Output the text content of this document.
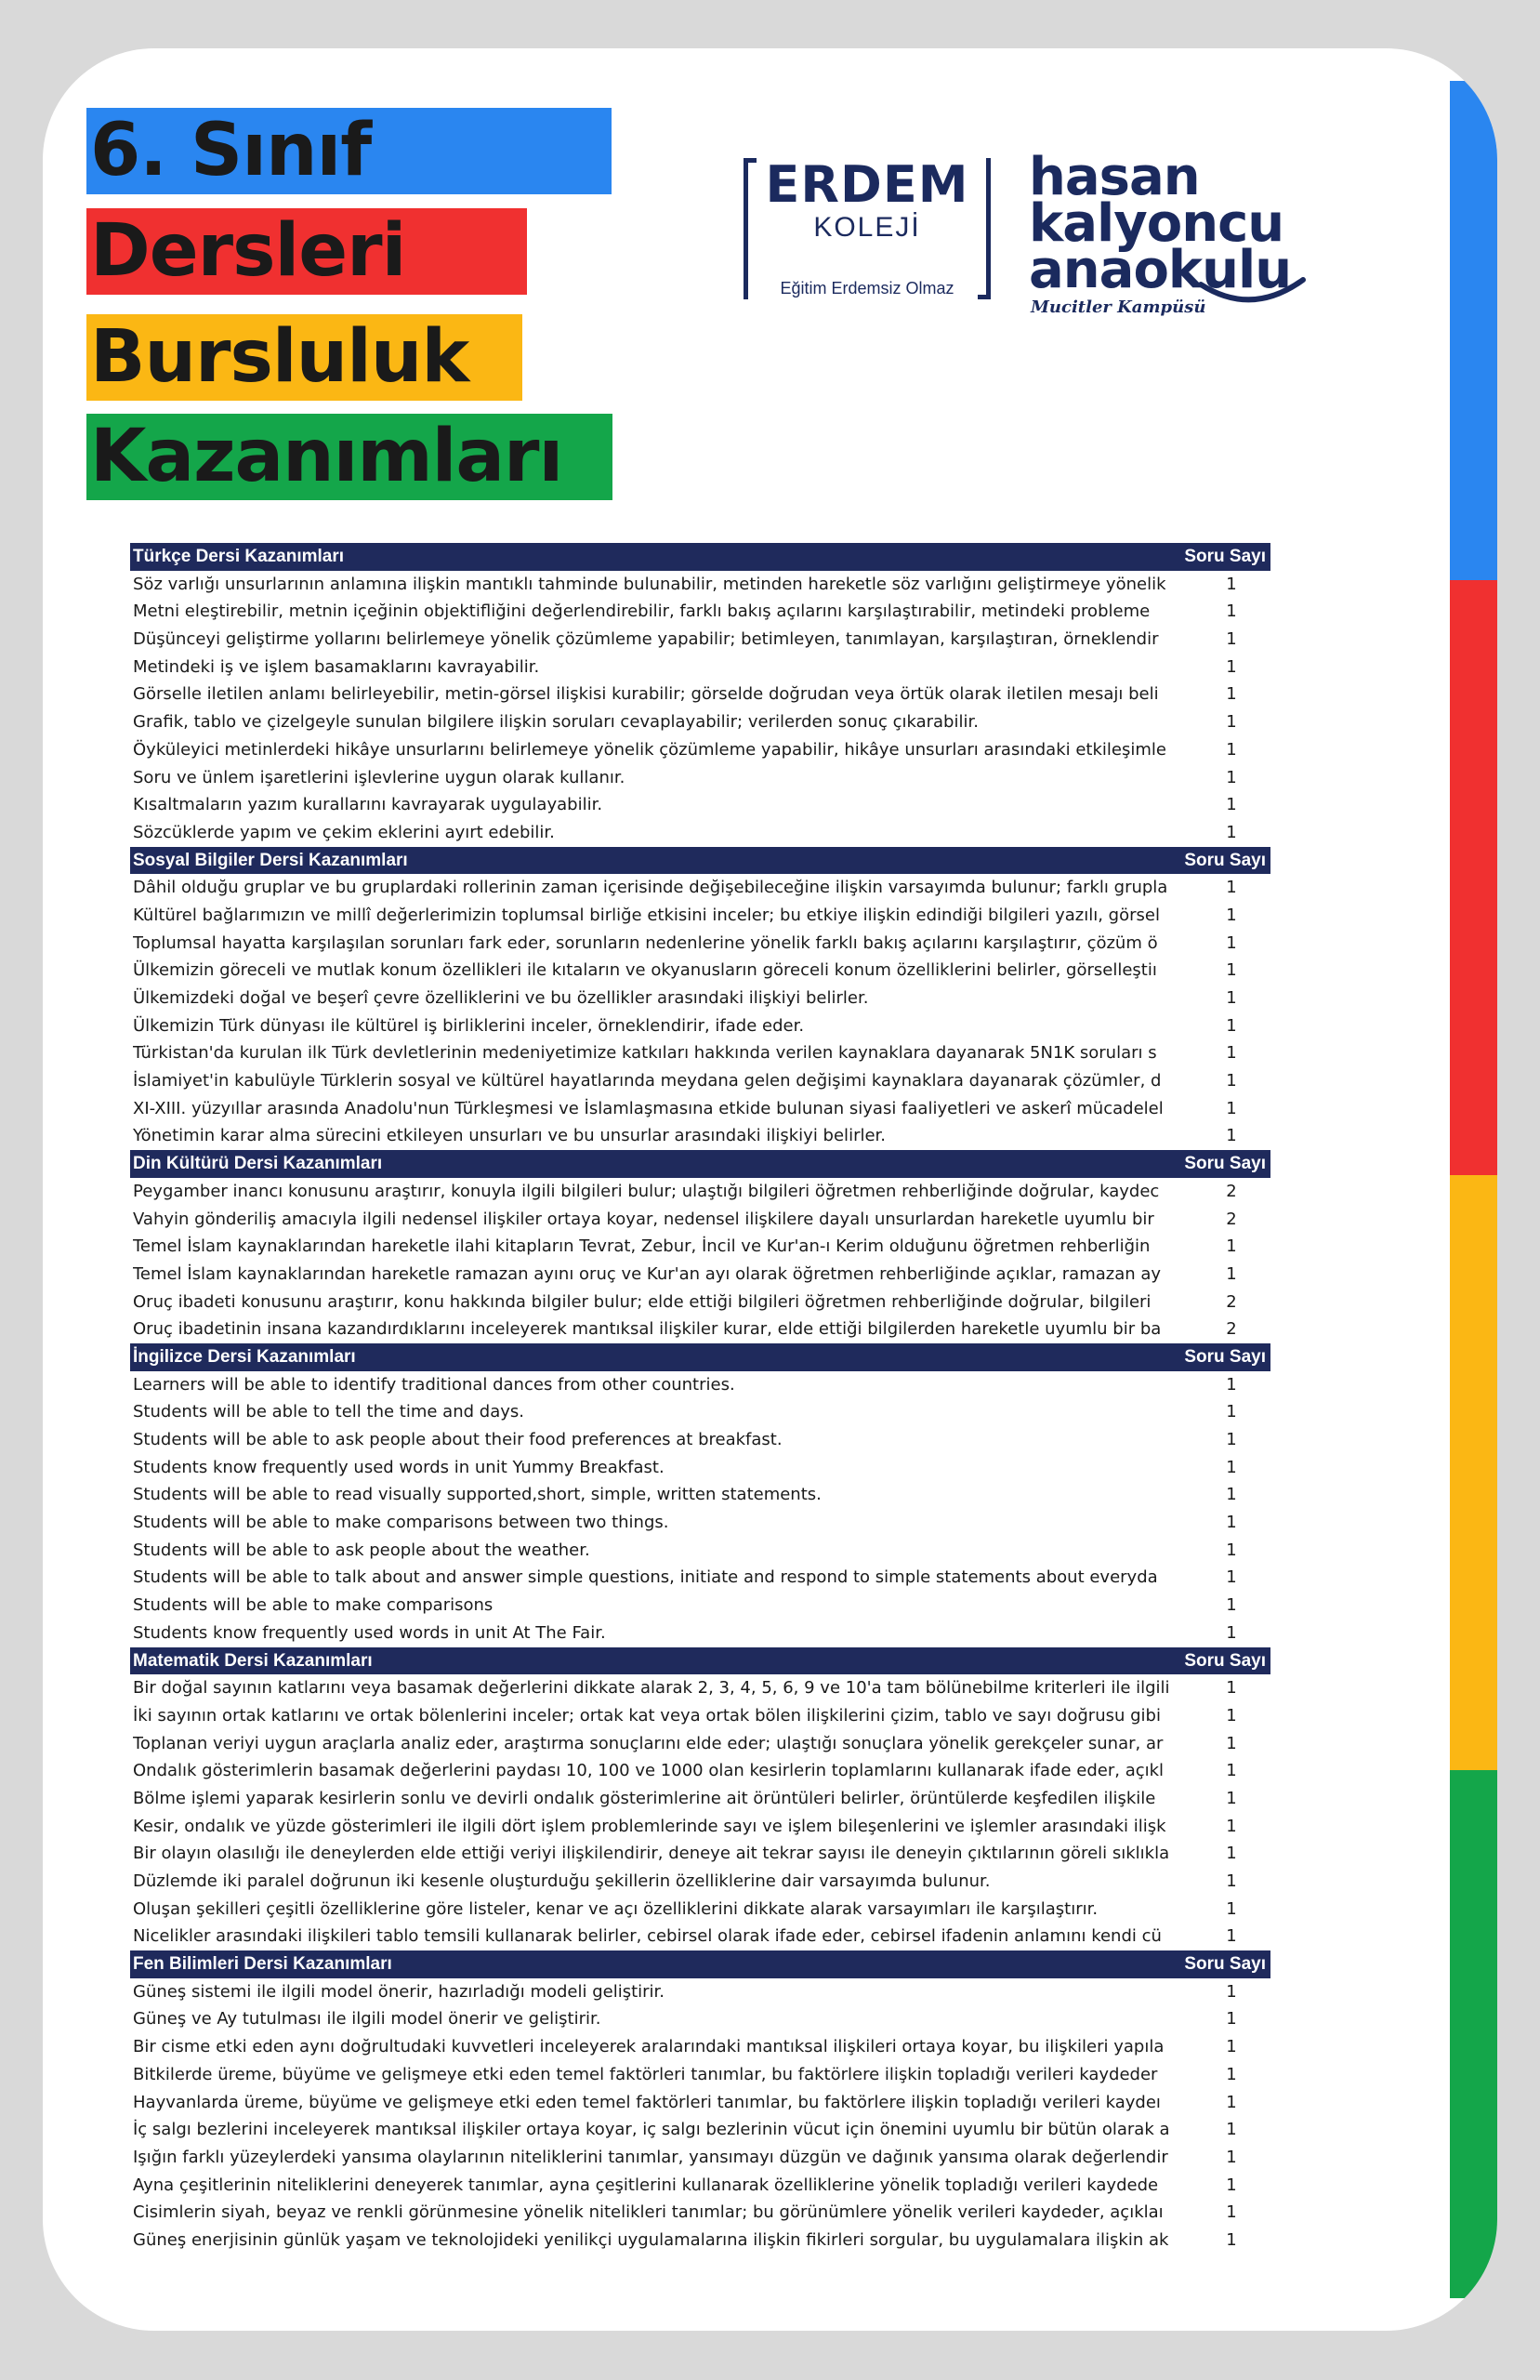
6. Sınıf
Dersleri
Bursluluk
Kazanımları
ERDEM
KOLEJİ
Eğitim Erdemsiz Olmaz
hasan
kalyoncu
anaokulu
Mucitler Kampüsü
Türkçe Dersi Kazanımları	Soru Sayı
Söz varlığı unsurlarının anlamına ilişkin mantıklı tahminde bulunabilir, metinden hareketle söz varlığını geliştirmeye yönelik	1
Metni eleştirebilir, metnin içeğinin objektifliğini değerlendirebilir, farklı bakış açılarını karşılaştırabilir, metindeki probleme	1
Düşünceyi geliştirme yollarını belirlemeye yönelik çözümleme yapabilir; betimleyen, tanımlayan, karşılaştıran, örneklendir	1
Metindeki iş ve işlem basamaklarını kavrayabilir.	1
Görselle iletilen anlamı belirleyebilir, metin-görsel ilişkisi kurabilir; görselde doğrudan veya örtük olarak iletilen mesajı beli	1
Grafik, tablo ve çizelgeyle sunulan bilgilere ilişkin soruları cevaplayabilir; verilerden sonuç çıkarabilir.	1
Öyküleyici metinlerdeki hikâye unsurlarını belirlemeye yönelik çözümleme yapabilir, hikâye unsurları arasındaki etkileşimle	1
Soru ve ünlem işaretlerini işlevlerine uygun olarak kullanır.	1
Kısaltmaların yazım kurallarını kavrayarak uygulayabilir.	1
Sözcüklerde yapım ve çekim eklerini ayırt edebilir.	1
Sosyal Bilgiler Dersi Kazanımları	Soru Sayı
Dâhil olduğu gruplar ve bu gruplardaki rollerinin zaman içerisinde değişebileceğine ilişkin varsayımda bulunur; farklı grupla	1
Kültürel bağlarımızın ve millî değerlerimizin toplumsal birliğe etkisini inceler; bu etkiye ilişkin edindiği bilgileri yazılı, görsel	1
Toplumsal hayatta karşılaşılan sorunları fark eder, sorunların nedenlerine yönelik farklı bakış açılarını karşılaştırır, çözüm ö	1
Ülkemizin göreceli ve mutlak konum özellikleri ile kıtaların ve okyanusların göreceli konum özelliklerini belirler, görselleştiı	1
Ülkemizdeki doğal ve beşerî çevre özelliklerini ve bu özellikler arasındaki ilişkiyi belirler.	1
Ülkemizin Türk dünyası ile kültürel iş birliklerini inceler, örneklendirir, ifade eder.	1
Türkistan'da kurulan ilk Türk devletlerinin medeniyetimize katkıları hakkında verilen kaynaklara dayanarak 5N1K soruları s	1
İslamiyet'in kabulüyle Türklerin sosyal ve kültürel hayatlarında meydana gelen değişimi kaynaklara dayanarak çözümler, d	1
XI-XIII. yüzyıllar arasında Anadolu'nun Türkleşmesi ve İslamlaşmasına etkide bulunan siyasi faaliyetleri ve askerî mücadelel	1
Yönetimin karar alma sürecini etkileyen unsurları ve bu unsurlar arasındaki ilişkiyi belirler.	1
Din Kültürü Dersi Kazanımları	Soru Sayı
Peygamber inancı konusunu araştırır, konuyla ilgili bilgileri bulur; ulaştığı bilgileri öğretmen rehberliğinde doğrular, kaydec	2
Vahyin gönderiliş amacıyla ilgili nedensel ilişkiler ortaya koyar, nedensel ilişkilere dayalı unsurlardan hareketle uyumlu bir	2
Temel İslam kaynaklarından hareketle ilahi kitapların Tevrat, Zebur, İncil ve Kur'an-ı Kerim olduğunu öğretmen rehberliğin	1
Temel İslam kaynaklarından hareketle ramazan ayını oruç ve Kur'an ayı olarak öğretmen rehberliğinde açıklar, ramazan ay	1
Oruç ibadeti konusunu araştırır, konu hakkında bilgiler bulur; elde ettiği bilgileri öğretmen rehberliğinde doğrular, bilgileri	2
Oruç ibadetinin insana kazandırdıklarını inceleyerek mantıksal ilişkiler kurar, elde ettiği bilgilerden hareketle uyumlu bir ba	2
İngilizce Dersi Kazanımları	Soru Sayı
Learners will be able to identify traditional dances from other countries.	1
Students will be able to tell the time and days.	1
Students will be able to ask people about their food preferences at breakfast.	1
Students know frequently used words in unit Yummy Breakfast.	1
Students will be able to read visually supported,short, simple, written statements.	1
Students will be able to make comparisons between two things.	1
Students will be able to ask people about the weather.	1
Students will be able to talk about and answer simple questions, initiate and respond to simple statements about everyda	1
Students will be able to make comparisons	1
Students know frequently used words in unit At The Fair.	1
Matematik Dersi Kazanımları	Soru Sayı
Bir doğal sayının katlarını veya basamak değerlerini dikkate alarak 2, 3, 4, 5, 6, 9 ve 10'a tam bölünebilme kriterleri ile ilgili	1
İki sayının ortak katlarını ve ortak bölenlerini inceler; ortak kat veya ortak bölen ilişkilerini çizim, tablo ve sayı doğrusu gibi	1
Toplanan veriyi uygun araçlarla analiz eder, araştırma sonuçlarını elde eder; ulaştığı sonuçlara yönelik gerekçeler sunar, ar	1
Ondalık gösterimlerin basamak değerlerini paydası 10, 100 ve 1000 olan kesirlerin toplamlarını kullanarak ifade eder, açıkl	1
Bölme işlemi yaparak kesirlerin sonlu ve devirli ondalık gösterimlerine ait örüntüleri belirler, örüntülerde keşfedilen ilişkile	1
Kesir, ondalık ve yüzde gösterimleri ile ilgili dört işlem problemlerinde sayı ve işlem bileşenlerini ve işlemler arasındaki ilişk	1
Bir olayın olasılığı ile deneylerden elde ettiği veriyi ilişkilendirir, deneye ait tekrar sayısı ile deneyin çıktılarının göreli sıklıkla	1
Düzlemde iki paralel doğrunun iki kesenle oluşturduğu şekillerin özelliklerine dair varsayımda bulunur.	1
Oluşan şekilleri çeşitli özelliklerine göre listeler, kenar ve açı özelliklerini dikkate alarak varsayımları ile karşılaştırır.	1
Nicelikler arasındaki ilişkileri tablo temsili kullanarak belirler, cebirsel olarak ifade eder, cebirsel ifadenin anlamını kendi cü	1
Fen Bilimleri Dersi Kazanımları	Soru Sayı
Güneş sistemi ile ilgili model önerir, hazırladığı modeli geliştirir.	1
Güneş ve Ay tutulması ile ilgili model önerir ve geliştirir.	1
Bir cisme etki eden aynı doğrultudaki kuvvetleri inceleyerek aralarındaki mantıksal ilişkileri ortaya koyar, bu ilişkileri yapıla	1
Bitkilerde üreme, büyüme ve gelişmeye etki eden temel faktörleri tanımlar, bu faktörlere ilişkin topladığı verileri kaydeder	1
Hayvanlarda üreme, büyüme ve gelişmeye etki eden temel faktörleri tanımlar, bu faktörlere ilişkin topladığı verileri kaydeı	1
İç salgı bezlerini inceleyerek mantıksal ilişkiler ortaya koyar, iç salgı bezlerinin vücut için önemini uyumlu bir bütün olarak a	1
Işığın farklı yüzeylerdeki yansıma olaylarının niteliklerini tanımlar, yansımayı düzgün ve dağınık yansıma olarak değerlendir	1
Ayna çeşitlerinin niteliklerini deneyerek tanımlar, ayna çeşitlerini kullanarak özelliklerine yönelik topladığı verileri kaydede	1
Cisimlerin siyah, beyaz ve renkli görünmesine yönelik nitelikleri tanımlar; bu görünümlere yönelik verileri kaydeder, açıklaı	1
Güneş enerjisinin günlük yaşam ve teknolojideki yenilikçi uygulamalarına ilişkin fikirleri sorgular, bu uygulamalara ilişkin ak	1
